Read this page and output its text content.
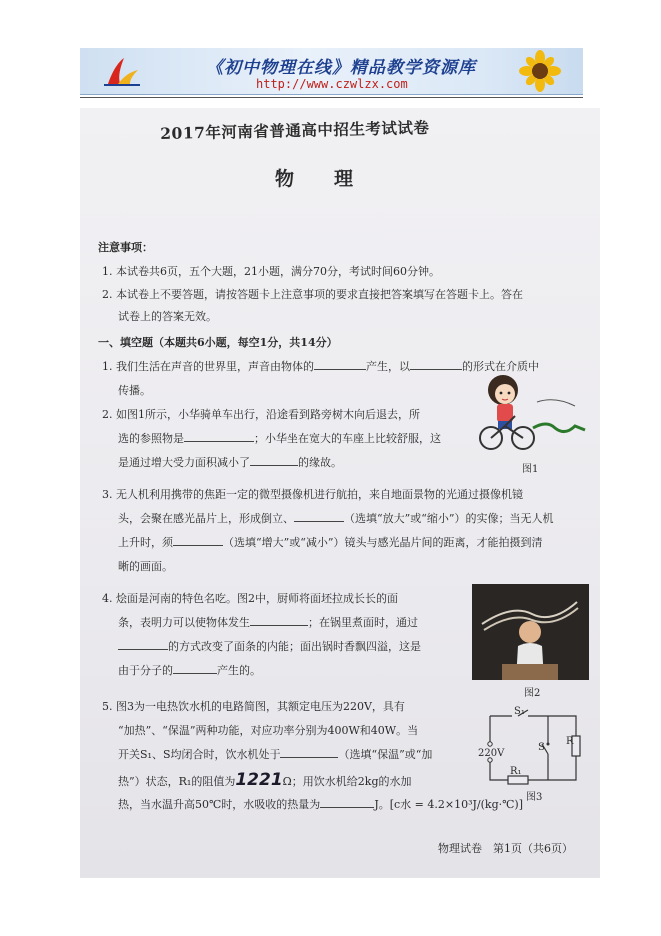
《初中物理在线》精品教学资源库
http://www.czwlzx.com
2017年河南省普通高中招生考试试卷
物理
注意事项：
1. 本试卷共6页，五个大题，21小题，满分70分，考试时间60分钟。
2. 本试卷上不要答题，请按答题卡上注意事项的要求直接把答案填写在答题卡上。答在
试卷上的答案无效。
一、填空题（本题共6小题，每空1分，共14分）
1. 我们生活在声音的世界里，声音由物体的	产生，以	的形式在介质中
传播。
图1
2. 如图1所示，小华骑单车出行，沿途看到路旁树木向后退去，所
选的参照物是	；小华坐在宽大的车座上比较舒服，这
是通过增大受力面积减小了	的缘故。
3. 无人机利用携带的焦距一定的微型摄像机进行航拍，来自地面景物的光通过摄像机镜
头，会聚在感光晶片上，形成倒立、	（选填“放大”或“缩小”）的实像；当无人机
上升时，须	（选填“增大”或“减小”）镜头与感光晶片间的距离，才能拍摄到清
晰的画面。
4. 烩面是河南的特色名吃。图2中，厨师将面坯拉成长长的面
条，表明力可以使物体发生	；在锅里煮面时，通过
的方式改变了面条的内能；面出锅时香飘四溢，这是
由于分子的	产生的。
图2
5. 图3为一电热饮水机的电路简图，其额定电压为220V，具有
“加热”、“保温”两种功能，对应功率分别为400W和40W。当
开关S₁、S均闭合时，饮水机处于	（选填“保温”或“加
热”）状态，R₁的阻值为1221Ω；用饮水机给2kg的水加
热，当水温升高50℃时，水吸收的热量为	J。[c水 = 4.2×10³J/(kg·℃)]
S₁
S
R
R₁
220V
图3
物理试卷　第1页（共6页）
